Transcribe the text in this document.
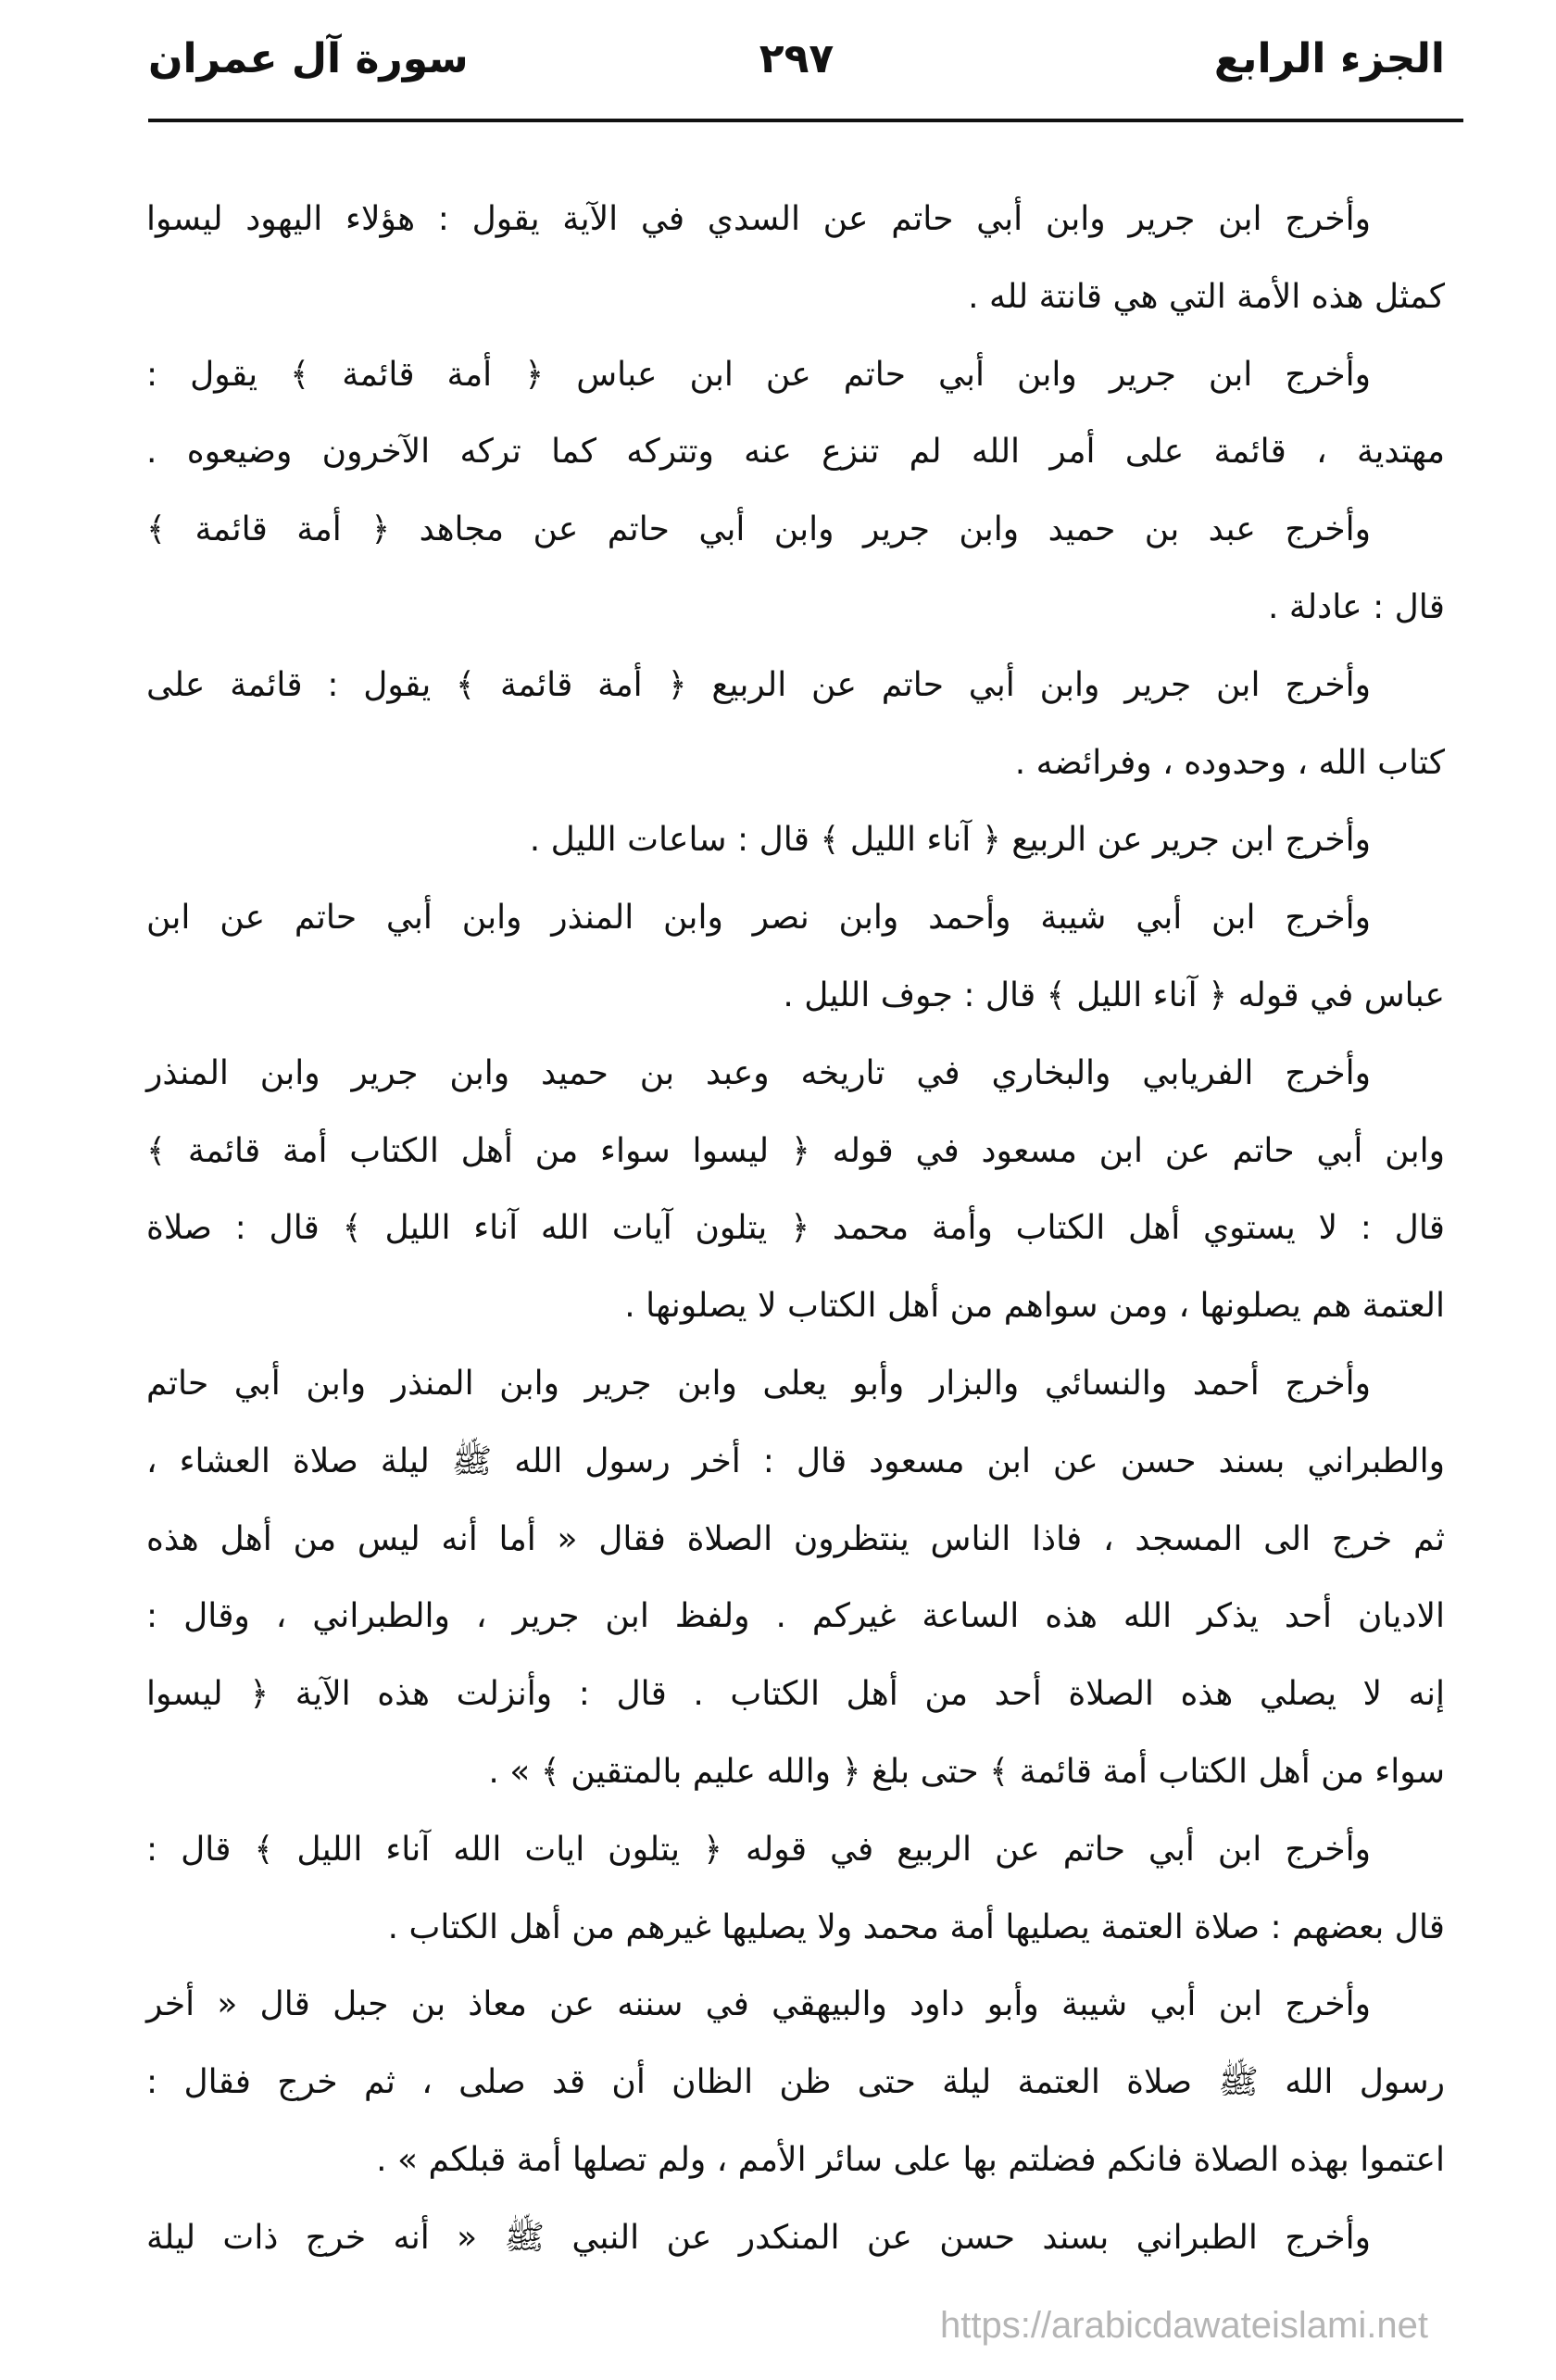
الجزء الرابع
٢٩٧
سورة آل عمران
وأخرج ابن جرير وابن أبي حاتم عن السدي في الآية يقول : هؤلاء اليهود ليسوا
كمثل هذه الأمة التي هي قانتة لله .
وأخرج ابن جرير وابن أبي حاتم عن ابن عباس ﴿ أمة قائمة ﴾ يقول :
مهتدية ، قائمة على أمر الله لم تنزع عنه وتتركه كما تركه الآخرون وضيعوه .
وأخرج عبد بن حميد وابن جرير وابن أبي حاتم عن مجاهد ﴿ أمة قائمة ﴾
قال : عادلة .
وأخرج ابن جرير وابن أبي حاتم عن الربيع ﴿ أمة قائمة ﴾ يقول : قائمة على
كتاب الله ، وحدوده ، وفرائضه .
وأخرج ابن جرير عن الربيع ﴿ آناء الليل ﴾ قال : ساعات الليل .
وأخرج ابن أبي شيبة وأحمد وابن نصر وابن المنذر وابن أبي حاتم عن ابن
عباس في قوله ﴿ آناء الليل ﴾ قال : جوف الليل .
وأخرج الفريابي والبخاري في تاريخه وعبد بن حميد وابن جرير وابن المنذر
وابن أبي حاتم عن ابن مسعود في قوله ﴿ ليسوا سواء من أهل الكتاب أمة قائمة ﴾
قال : لا يستوي أهل الكتاب وأمة محمد ﴿ يتلون آيات الله آناء الليل ﴾ قال : صلاة
العتمة هم يصلونها ، ومن سواهم من أهل الكتاب لا يصلونها .
وأخرج أحمد والنسائي والبزار وأبو يعلى وابن جرير وابن المنذر وابن أبي حاتم
والطبراني بسند حسن عن ابن مسعود قال : أخر رسول الله ﷺ ليلة صلاة العشاء ،
ثم خرج الى المسجد ، فاذا الناس ينتظرون الصلاة فقال « أما أنه ليس من أهل هذه
الاديان أحد يذكر الله هذه الساعة غيركم . ولفظ ابن جرير ، والطبراني ، وقال :
إنه لا يصلي هذه الصلاة أحد من أهل الكتاب . قال : وأنزلت هذه الآية ﴿ ليسوا
سواء من أهل الكتاب أمة قائمة ﴾ حتى بلغ ﴿ والله عليم بالمتقين ﴾ » .
وأخرج ابن أبي حاتم عن الربيع في قوله ﴿ يتلون ايات الله آناء الليل ﴾ قال :
قال بعضهم : صلاة العتمة يصليها أمة محمد ولا يصليها غيرهم من أهل الكتاب .
وأخرج ابن أبي شيبة وأبو داود والبيهقي في سننه عن معاذ بن جبل قال « أخر
رسول الله ﷺ صلاة العتمة ليلة حتى ظن الظان أن قد صلى ، ثم خرج فقال :
اعتموا بهذه الصلاة فانكم فضلتم بها على سائر الأمم ، ولم تصلها أمة قبلكم » .
وأخرج الطبراني بسند حسن عن المنكدر عن النبي ﷺ « أنه خرج ذات ليلة
https://arabicdawateislami.net
